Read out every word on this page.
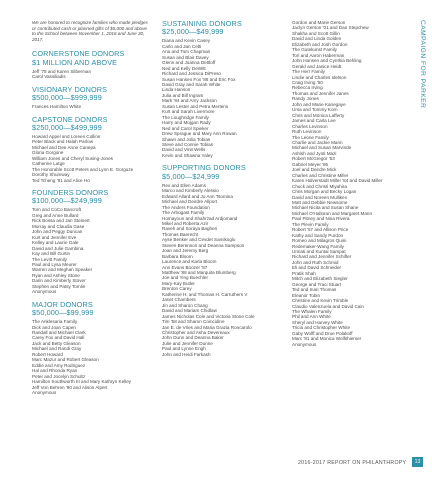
We are honored to recognize families who made pledges or contributed cash or planned gifts of $5,000 and above to the School between November 1, 2016 and June 30, 2017.
CORNERSTONE DONORS
$1 MILLION AND ABOVE
Jeff '75 and Karen Silberman
Carol Vassiliadis
VISIONARY DONORS
$500,000—$999,999
Frances Hamilton White
CAPSTONE DONORS
$250,000—$499,999
Howard Appel and Loreen Collins
Peter Black and Halah Parlow
Michael and Dee Anne Canepa
Gloria Gorgone
William Jones and Cheryl Susing-Jones
Catherine Lutge
The Honorable Scott Peters and Lynn E. Gorguze
Dorothy Shumway
Ted Tcheng '81 and Alice Ho
FOUNDERS DONORS
$100,000—$249,999
Tom and CoCo Bancroft
Greg and Anne Bullard
Rick Bossa and Jan Steinert
Murray and Claudia Gase
John and Peggy Duncan
Kurt and Jennifer Eve
Kelley and Laurie Gale
David and Julie Gambina
Kay and Bill Gurtin
The Levitt Family
Paul and Lysa Meurer
Warren and Meghan Speaker
Ryan and Ashley Stone
Darin and Kimberly Stover
Stephen and Patsy Tomlin
Anonymous
MAJOR DONORS
$50,000—$99,999
The Anklesaria Family
Dick and Joan Capen
Randall and Michael Clark
Carey Fox and David Hall
Jack and Betty Gleason
Michael and Randi Gray
Robert Howard
Marc Mazur and Robert Gleason
Eddie and Amy Rodriguez
Hal and Rhonda Ryan
Peter and Jocelyn Schultz
Hamilton Southworth III and Mary Kathryn Kelley
Jeff Von Behren '90 and Alison Alpert
Anonymous
SUSTAINING DONORS
$25,000—$49,999
Diana and Kevin Casey
Carlo and Jan Cetti
Ana and Tom Chapman
Susan and Blair Davey
Glenn and Joanna Dettloff
Ned and Kelly DeWitt
Richard and Jessica DiPreso
Susan Hansen Fox '86 and Eric Fox
David Gray and Sarah White
Linda Hanson
Julia and Bill Ingram
Mark '84 and Amy Jackson
Susan Lester and Petra Mertens
Kurt and Sarah Livermore
The Loughridge Family
Harry and Mojgan Rady
Ned and Carol Spieker
Drew Sprague and Mary Ann Rowan
Shawn and Julia Tobias
Steve and Connie Tobias
David and Vinit Wells
Kevin and Shawna Yaley
SUPPORTING DONORS
$5,000—$24,999
Rex and Ellen Adams
Marco and Kimberly Alessio
Edward Allard and Jo Ann Tsomina
Michael and Deirdre Allport
The Anders Foundation
The Arbogast Family
Homayoun and Shahrzad Ardjomand
Mikel and Roberta Azir
Raveh and Soraya Bagheri
Thomas Baerecht
Ayse Benker and Cevdet Samikoglu
Steven Berenson and Deanna Sampson
Joan and Jeremy Berg
Barbara Bloom
Laurence and Karla Bloom
Ann Evans Boozer '87
Matthew '88 and Marquita Blumberg
Joe and Ying Buechler
Mary-Kay Butler
Brenton Carey
Katherine H. and Thomas H. Carruthers V
Janet Chambers
Jin and Sharon Chang
David and Mariam Chidlaw
James Nicholas Cole and Victoria Stone Cole
Tim '58 and Sharon Coincidine
Jan E. de Vries and Maria Grazia Roncarolo
Christopher and Asha Devereaux
John Dunn and Deanna Baker
Julie and Jennifer Dunne
Paul and Lynne Engh
John and Heidi Farkash
Gordon and Marie Gerson
Jaclyn Gerson '01 and Dan Stepchew
Shakha and Scott Gillin
David and Linda Golden
Elizabeth and Josh Gordon
The Gutekunst Family
Tori and Aaron Haberman
John Hansen and Cynthia Behling
Gerald and Janice Heidt
The Herr Family
Lindie and Charles Idelson
Craig Irving '80
Rebecca Irving
Thomas and Jennifer Janes
Randy Jones
John and Marie Kanegaye
Ursa and Tommy Korn
Chris and Monica Lafferty
James and Carla Lee
Charles Levinson
Ruth Levinson
The Leone Family
Charlie and Jackie Mann
Michael and Susan Marvinde
Ashish and Jyoti Mazi
Robert McGregor '53
Gabriel Meyer '95
Joel and Deirdre Mick
Charles and Christine Miller
Karen Halverstadt Miller '84 and David Miller
Chuck and Christi Miyahira
Chris Morgan and Becky Logan
David and Noreen Mulliken
Matt and Debbie Newsome
Michael Nicita and Susan Shane
Michael O'Halloran and Margaret Mann
Paul Pitney and Nina Rivera
The Plevin Family
Robert '57 and Allison Price
Kathy and Sandy Purdon
Romeo and Milagros Quini
Redemaker-Wang Family
Unnati and Kuntal Sampat
Richard and Jennifer Schifter
John and Ruth Schmid
Eli and David Schneider
Pratik Shah
Mitch and Elizabeth Siegler
George and Traci Stuart
Ted and Inari Thomas
Eleanor Tobin
Christine and Kevin Trimble
Claudio Valenzuela and David Cain
The Whalen Family
Phil and Ann White
Sheryl and Harvey White
Tricia and Christopher White
Gaby Wolff and Drue Polakoff
Marc '81 and Monica Wolfshiemer
Anonymous
CAMPAIGN FOR PARKER
2016-2017 REPORT ON PHILANTHROPY	13
